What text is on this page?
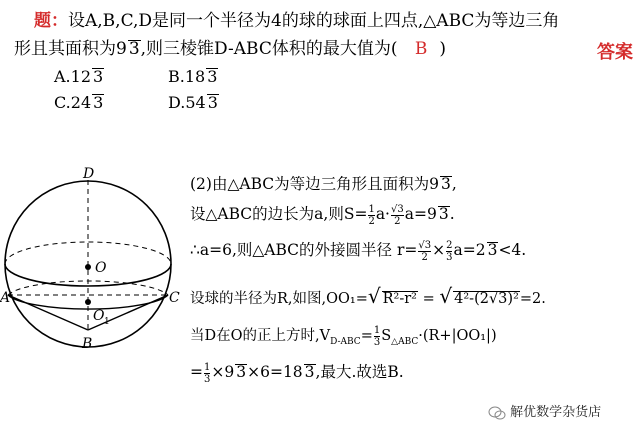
题：设A,B,C,D是同一个半径为4的球的球面上四点,△ABC为等边三角
形且其面积为9 3,则三棱锥D-ABC体积的最大值为( B )	答案
A.12 3	B.18 3
C.24 3	D.54 3
D
O
A	C
O 1
B
(2)由△ABC为等边三角形且面积为9 3,
设△ABC的边长为a,则$S= \frac{1}{2} a\cdot \frac{√3}{2} a=9$ 3.
∴a=6,则△ABC的外接圆半径 $r= \frac{√3}{2} \times \frac{2}{3} a=2$ 3<4.
设球的半径为R,如图,OO₁=√ R²-r² = √ 4²-(2√3)²=2.
当D在O的正上方时$,V_{D-ABC}= \frac{1}{3} S_{\triangle ABC}\cdot(R+|OO_1|)$
= $\frac{1}{3} \times 9$ 3×6=18 3,最大.故选B.
解优数学杂货店
